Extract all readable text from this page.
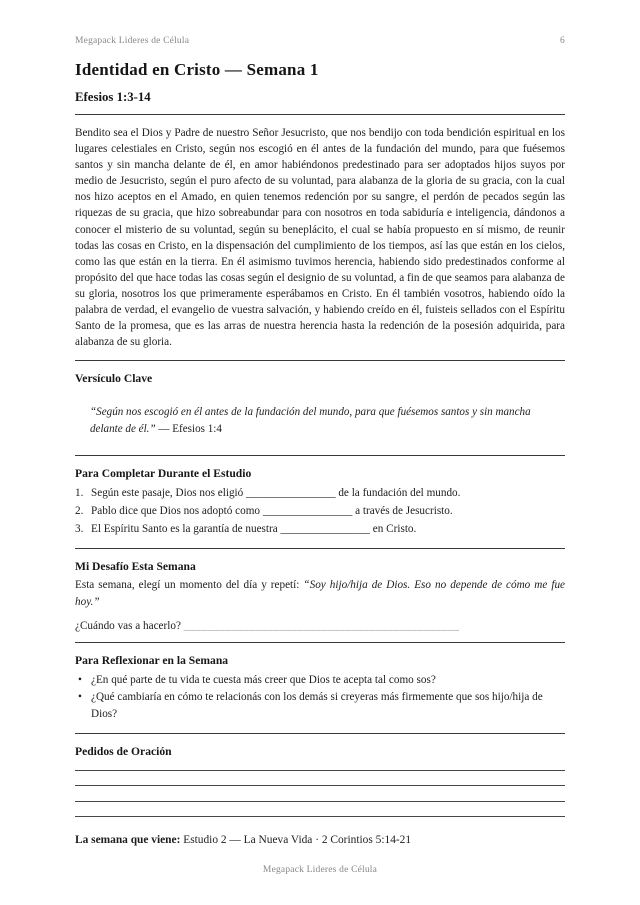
Megapack Lideres de Célula	6
Identidad en Cristo — Semana 1
Efesios 1:3-14

Bendito sea el Dios y Padre de nuestro Señor Jesucristo, que nos bendijo con toda bendición espiritual en los lugares celestiales en Cristo, según nos escogió en él antes de la fundación del mundo, para que fuésemos santos y sin mancha delante de él, en amor habiéndonos predestinado para ser adoptados hijos suyos por medio de Jesucristo, según el puro afecto de su voluntad, para alabanza de la gloria de su gracia, con la cual nos hizo aceptos en el Amado, en quien tenemos redención por su sangre, el perdón de pecados según las riquezas de su gracia, que hizo sobreabundar para con nosotros en toda sabiduría e inteligencia, dándonos a conocer el misterio de su voluntad, según su beneplácito, el cual se había propuesto en sí mismo, de reunir todas las cosas en Cristo, en la dispensación del cumplimiento de los tiempos, así las que están en los cielos, como las que están en la tierra. En él asimismo tuvimos herencia, habiendo sido predestinados conforme al propósito del que hace todas las cosas según el designio de su voluntad, a fin de que seamos para alabanza de su gloria, nosotros los que primeramente esperábamos en Cristo. En él también vosotros, habiendo oído la palabra de verdad, el evangelio de vuestra salvación, y habiendo creído en él, fuisteis sellados con el Espíritu Santo de la promesa, que es las arras de nuestra herencia hasta la redención de la posesión adquirida, para alabanza de su gloria.

Versículo Clave

“Según nos escogió en él antes de la fundación del mundo, para que fuésemos santos y sin mancha delante de él.” — Efesios 1:4

Para Completar Durante el Estudio
1. Según este pasaje, Dios nos eligió ________________ de la fundación del mundo.
2. Pablo dice que Dios nos adoptó como ________________ a través de Jesucristo.
3. El Espíritu Santo es la garantía de nuestra ________________ en Cristo.
Mi Desafío Esta Semana

Esta semana, elegí un momento del día y repetí: “Soy hijo/hija de Dios. Eso no depende de cómo me fue hoy.”

¿Cuándo vas a hacerlo? ______________________________________________

Para Reflexionar en la Semana
• ¿En qué parte de tu vida te cuesta más creer que Dios te acepta tal como sos?
• ¿Qué cambiaría en cómo te relacionás con los demás si creyeras más firmemente que sos hijo/hija de Dios?
Pedidos de Oración

La semana que viene: Estudio 2 — La Nueva Vida · 2 Corintios 5:14-21

Megapack Lideres de Célula
